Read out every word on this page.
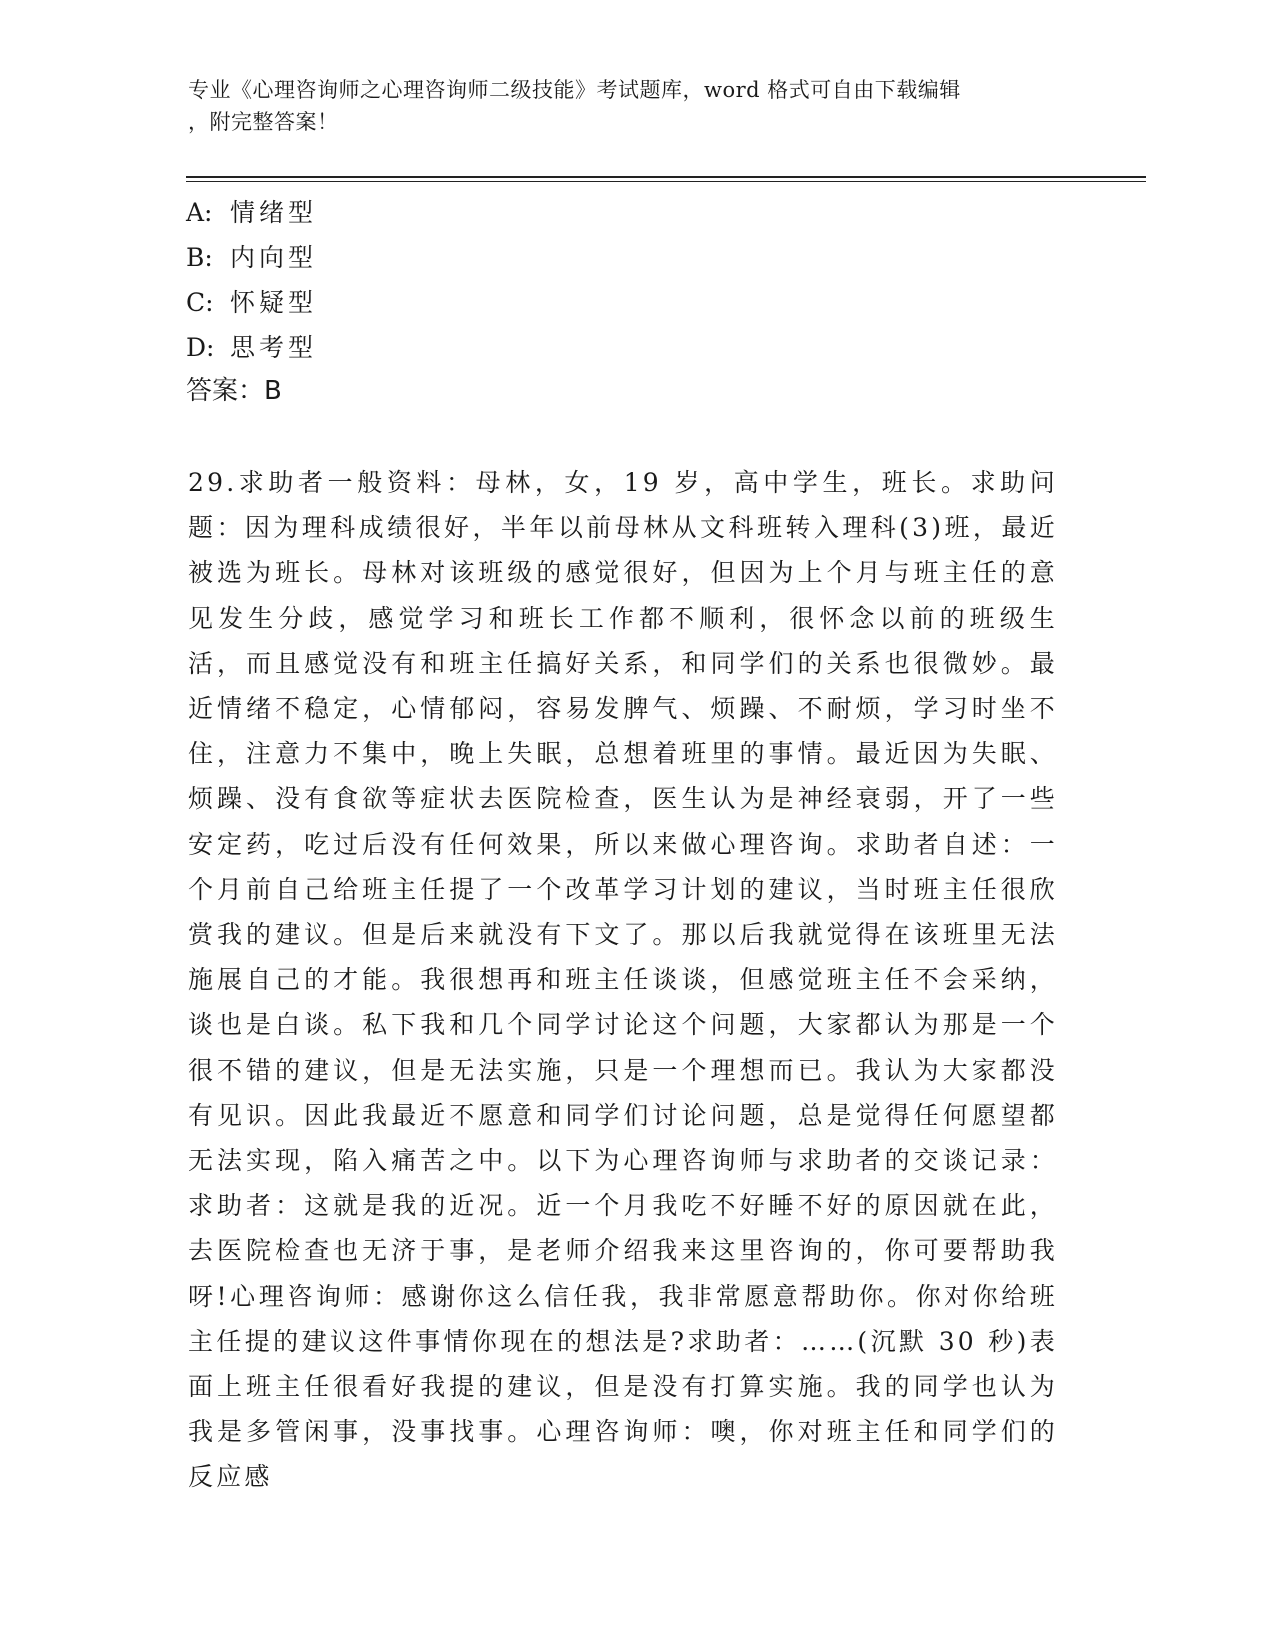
专业《心理咨询师之心理咨询师二级技能》考试题库，word 格式可自由下载编辑
，附完整答案！
A: 情绪型
B: 内向型
C: 怀疑型
D: 思考型
答案：B
29.求助者一般资料：母林，女，19 岁，高中学生，班长。求助问题：因为理科成绩很好，半年以前母林从文科班转入理科(3)班，最近被选为班长。母林对该班级的感觉很好，但因为上个月与班主任的意见发生分歧，感觉学习和班长工作都不顺利，很怀念以前的班级生活，而且感觉没有和班主任搞好关系，和同学们的关系也很微妙。最近情绪不稳定，心情郁闷，容易发脾气、烦躁、不耐烦，学习时坐不住，注意力不集中，晚上失眠，总想着班里的事情。最近因为失眠、烦躁、没有食欲等症状去医院检查，医生认为是神经衰弱，开了一些安定药，吃过后没有任何效果，所以来做心理咨询。求助者自述：一个月前自己给班主任提了一个改革学习计划的建议，当时班主任很欣赏我的建议。但是后来就没有下文了。那以后我就觉得在该班里无法施展自己的才能。我很想再和班主任谈谈，但感觉班主任不会采纳，谈也是白谈。私下我和几个同学讨论这个问题，大家都认为那是一个很不错的建议，但是无法实施，只是一个理想而已。我认为大家都没有见识。因此我最近不愿意和同学们讨论问题，总是觉得任何愿望都无法实现，陷入痛苦之中。以下为心理咨询师与求助者的交谈记录：求助者：这就是我的近况。近一个月我吃不好睡不好的原因就在此，去医院检查也无济于事，是老师介绍我来这里咨询的，你可要帮助我呀!心理咨询师：感谢你这么信任我，我非常愿意帮助你。你对你给班主任提的建议这件事情你现在的想法是?求助者：……(沉默 30 秒)表面上班主任很看好我提的建议，但是没有打算实施。我的同学也认为我是多管闲事，没事找事。心理咨询师：噢，你对班主任和同学们的反应感
